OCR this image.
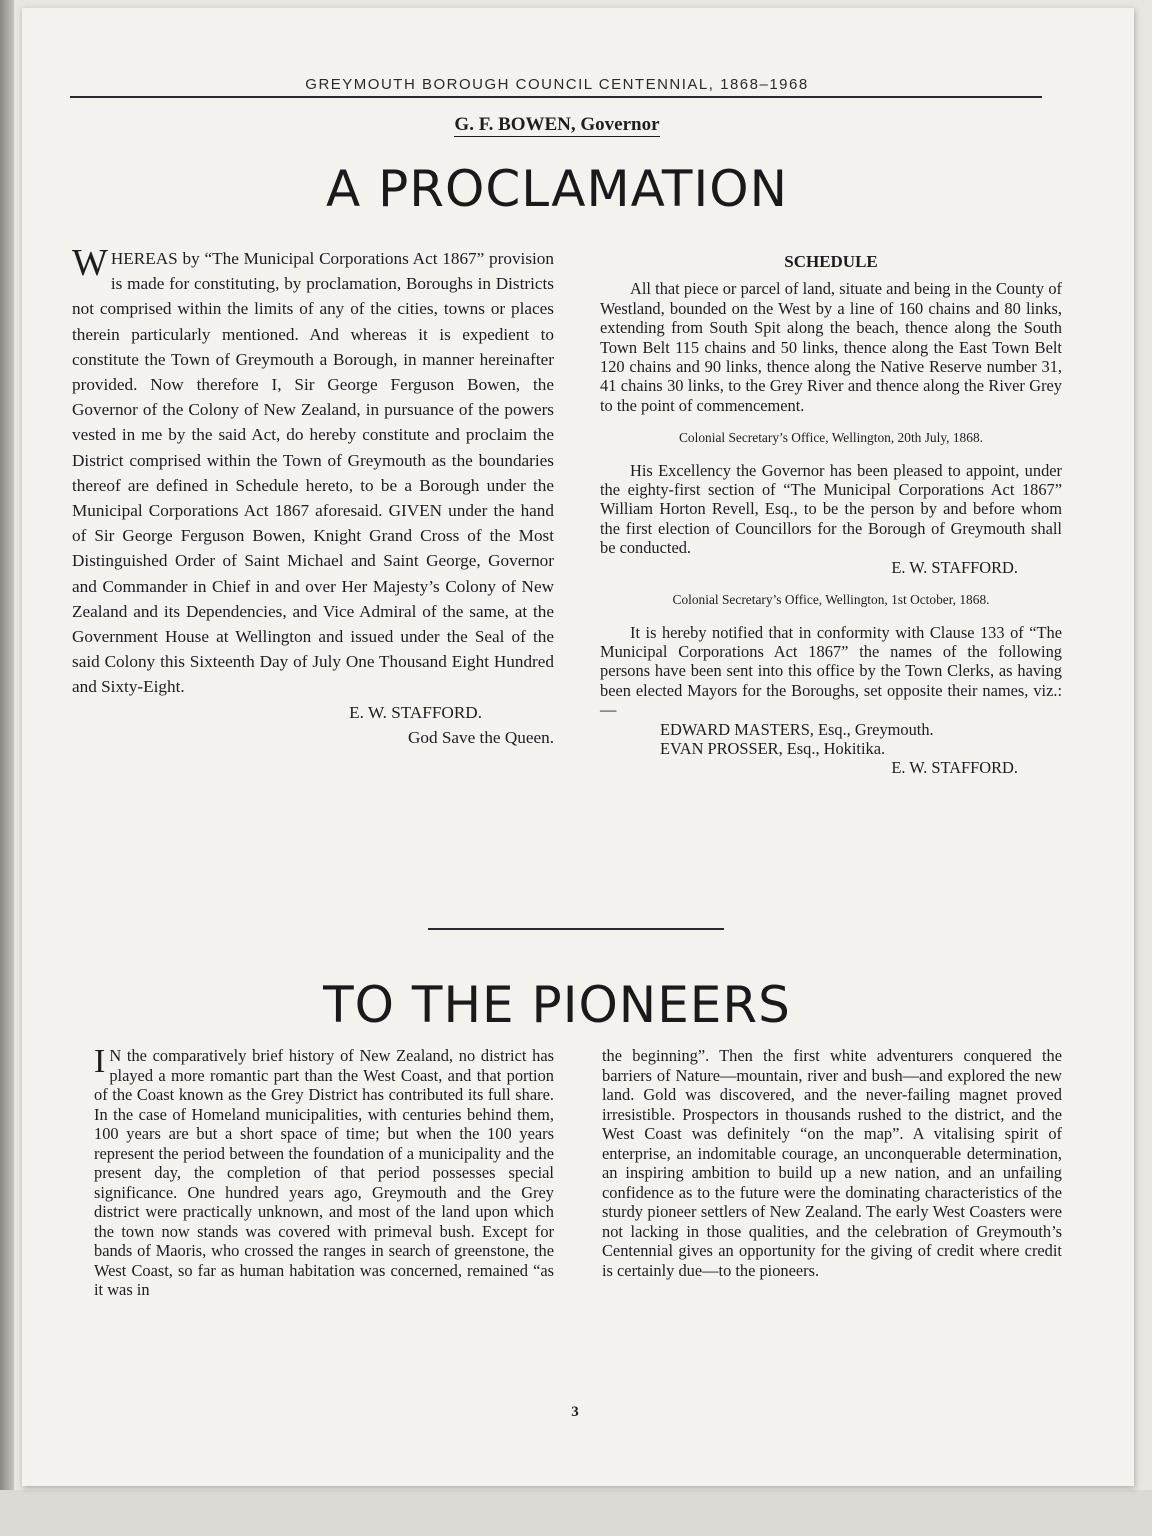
GREYMOUTH BOROUGH COUNCIL CENTENNIAL, 1868–1968
G. F. BOWEN, Governor
A PROCLAMATION

WHEREAS by “The Municipal Corporations Act 1867” provision is made for constituting, by proclamation, Boroughs in Districts not comprised within the limits of any of the cities, towns or places therein particularly mentioned. And whereas it is expedient to constitute the Town of Greymouth a Borough, in manner hereinafter provided. Now therefore I, Sir George Ferguson Bowen, the Governor of the Colony of New Zealand, in pursuance of the powers vested in me by the said Act, do hereby constitute and proclaim the District comprised within the Town of Greymouth as the boundaries thereof are defined in Schedule hereto, to be a Borough under the Municipal Corporations Act 1867 aforesaid. GIVEN under the hand of Sir George Ferguson Bowen, Knight Grand Cross of the Most Distinguished Order of Saint Michael and Saint George, Governor and Commander in Chief in and over Her Majesty’s Colony of New Zealand and its Dependencies, and Vice Admiral of the same, at the Government House at Wellington and issued under the Seal of the said Colony this Sixteenth Day of July One Thousand Eight Hundred and Sixty-Eight.

E. W. STAFFORD.

God Save the Queen.

SCHEDULE

All that piece or parcel of land, situate and being in the County of Westland, bounded on the West by a line of 160 chains and 80 links, extending from South Spit along the beach, thence along the South Town Belt 115 chains and 50 links, thence along the East Town Belt 120 chains and 90 links, thence along the Native Reserve number 31, 41 chains 30 links, to the Grey River and thence along the River Grey to the point of commencement.

Colonial Secretary’s Office, Wellington, 20th July, 1868.

His Excellency the Governor has been pleased to appoint, under the eighty-first section of “The Municipal Corporations Act 1867” William Horton Revell, Esq., to be the person by and before whom the first election of Councillors for the Borough of Greymouth shall be conducted.

E. W. STAFFORD.

Colonial Secretary’s Office, Wellington, 1st October, 1868.

It is hereby notified that in conformity with Clause 133 of “The Municipal Corporations Act 1867” the names of the following persons have been sent into this office by the Town Clerks, as having been elected Mayors for the Boroughs, set opposite their names, viz.:—

EDWARD MASTERS, Esq., Greymouth.

EVAN PROSSER, Esq., Hokitika.

E. W. STAFFORD.

TO THE PIONEERS

I N the comparatively brief history of New Zealand, no district has played a more romantic part than the West Coast, and that portion of the Coast known as the Grey District has contributed its full share. In the case of Homeland municipalities, with centuries behind them, 100 years are but a short space of time; but when the 100 years represent the period between the foundation of a municipality and the present day, the completion of that period possesses special significance. One hundred years ago, Greymouth and the Grey district were practically unknown, and most of the land upon which the town now stands was covered with primeval bush. Except for bands of Maoris, who crossed the ranges in search of greenstone, the West Coast, so far as human habitation was concerned, remained “as it was in

the beginning”. Then the first white adventurers conquered the barriers of Nature—mountain, river and bush—and explored the new land. Gold was discovered, and the never-failing magnet proved irresistible. Prospectors in thousands rushed to the district, and the West Coast was definitely “on the map”. A vitalising spirit of enterprise, an indomitable courage, an unconquerable determination, an inspiring ambition to build up a new nation, and an unfailing confidence as to the future were the dominating characteristics of the sturdy pioneer settlers of New Zealand. The early West Coasters were not lacking in those qualities, and the celebration of Greymouth’s Centennial gives an opportunity for the giving of credit where credit is certainly due—to the pioneers.

3
